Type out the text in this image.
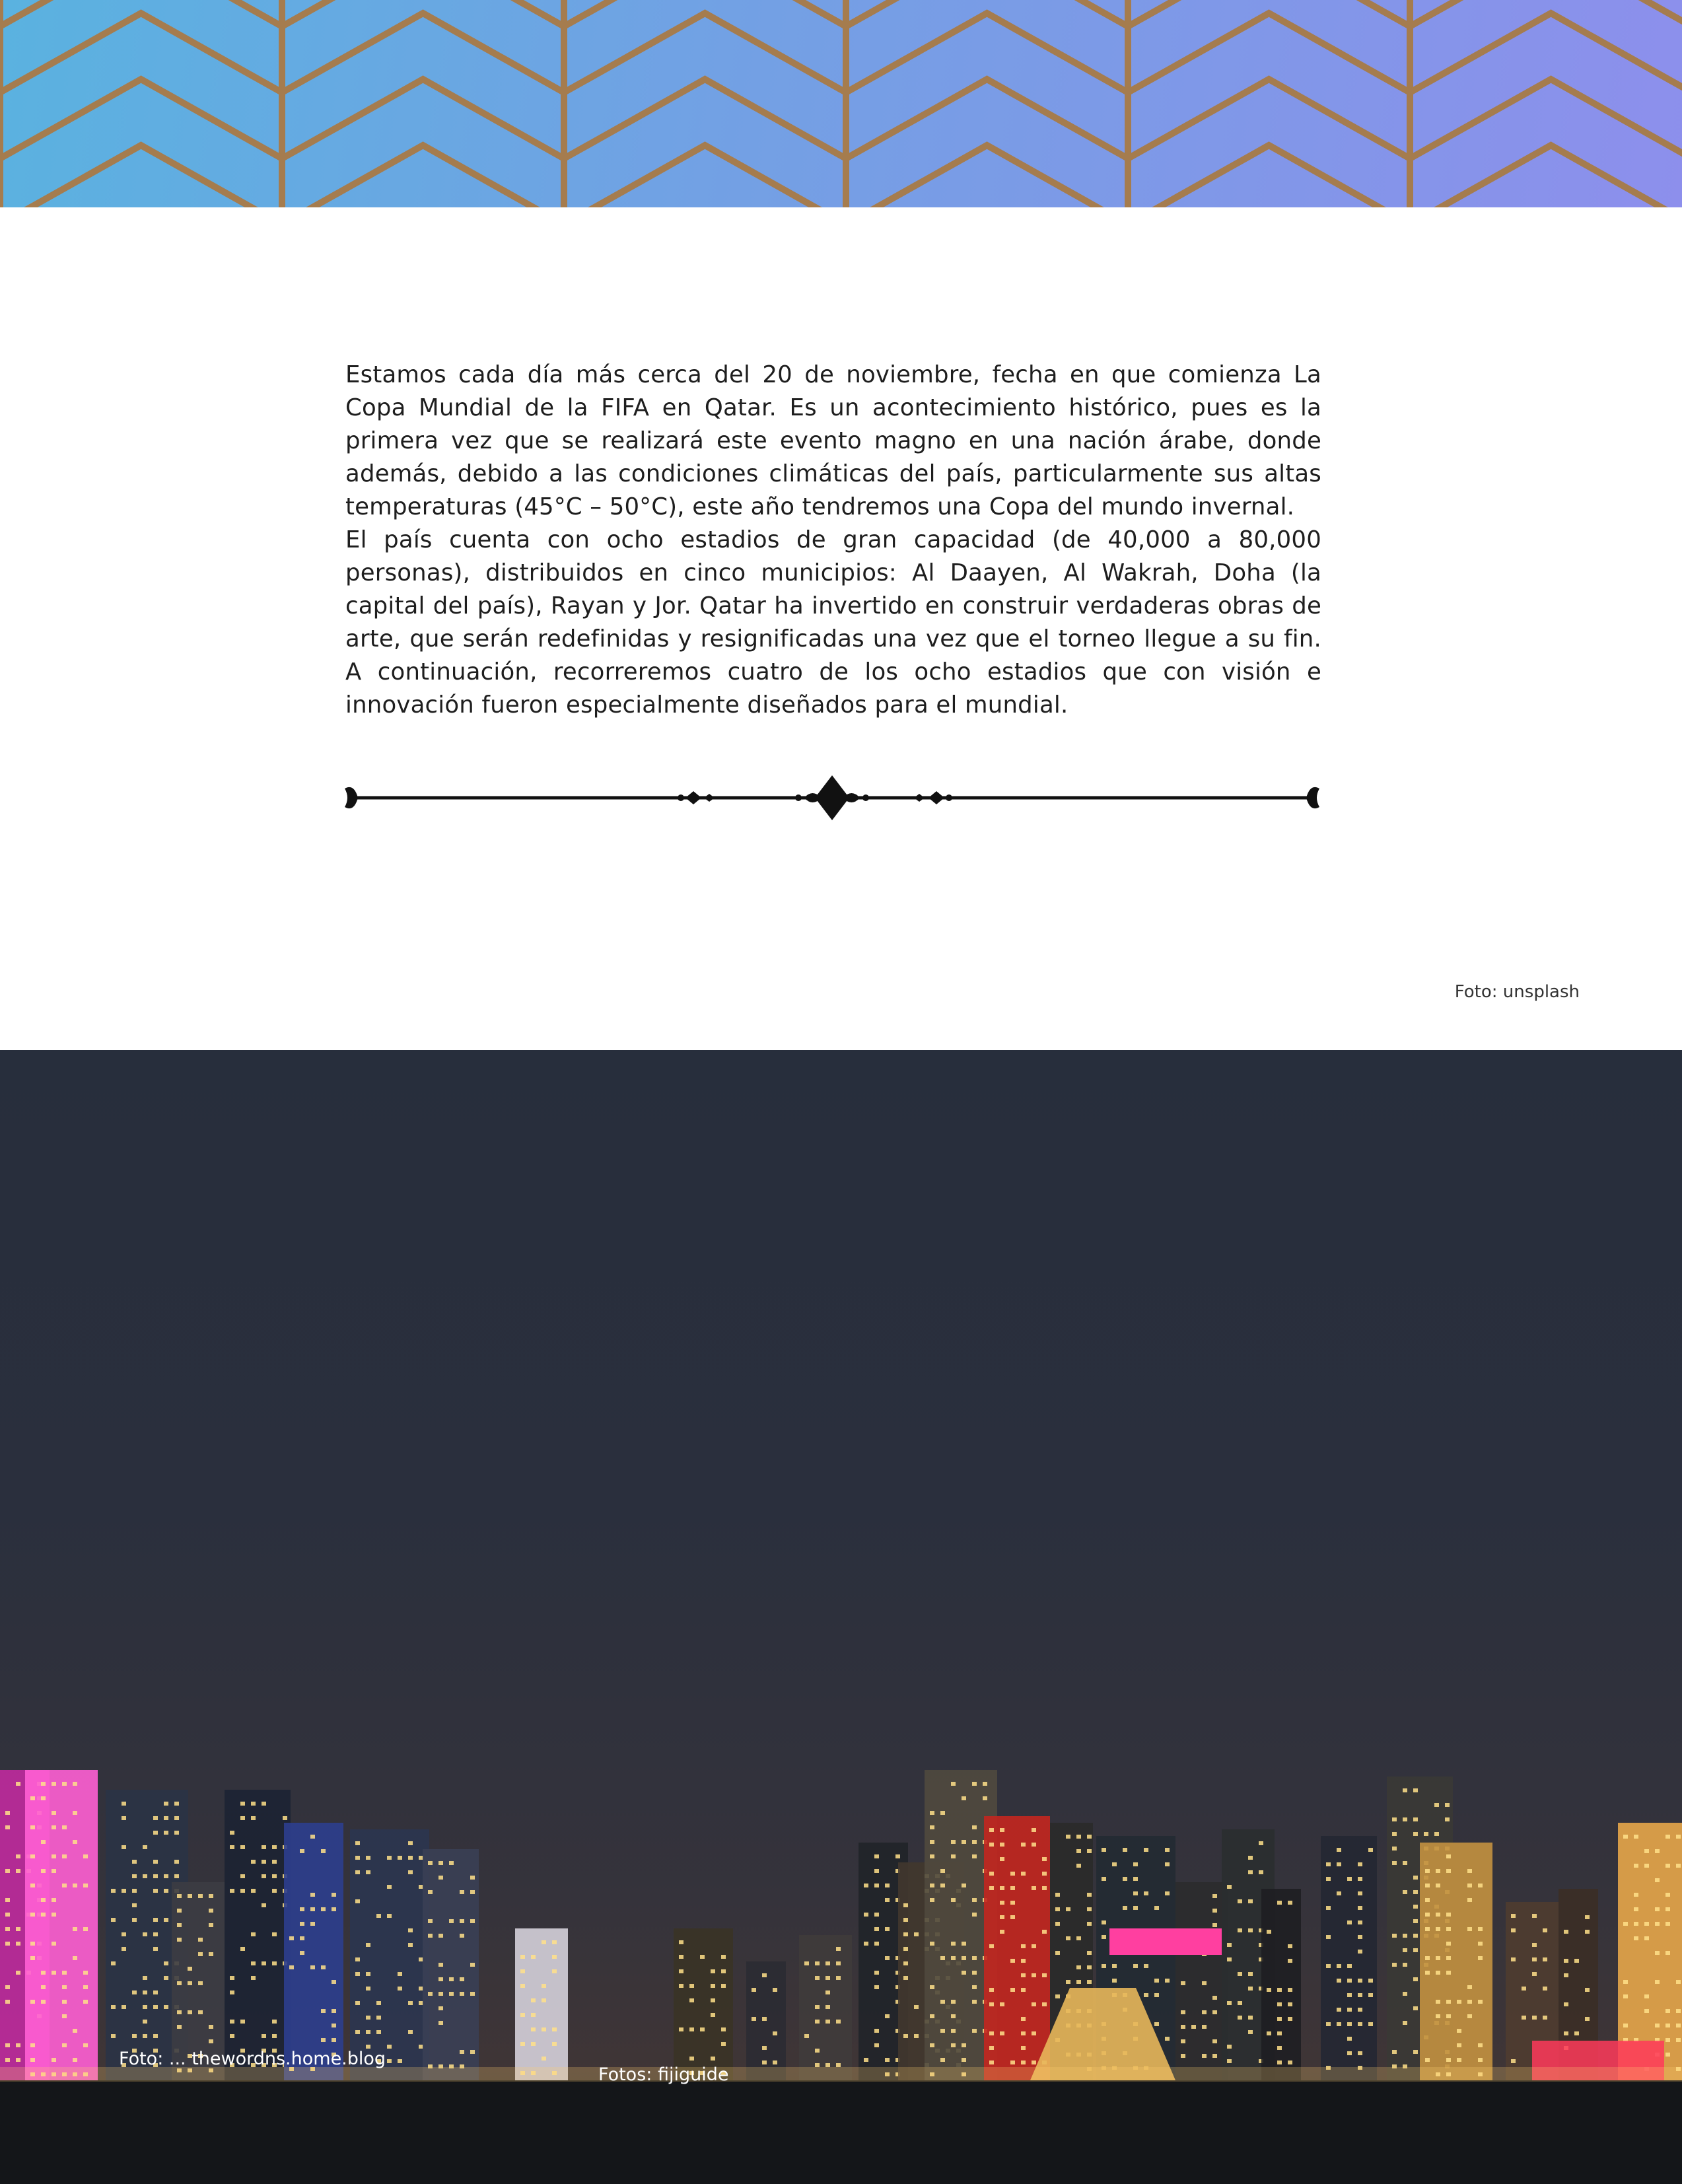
Estamos cada día más cerca del 20 de noviembre, fecha en que comienza La Copa Mundial de la FIFA en Qatar. Es un acontecimiento histórico, pues es la primera vez que se realizará este evento magno en una nación árabe, donde además, debido a las condiciones climáticas del país, particularmente sus altas temperaturas (45°C – 50°C), este año tendremos una Copa del mundo invernal.

El país cuenta con ocho estadios de gran capacidad (de 40,000 a 80,000 personas), distribuidos en cinco municipios: Al Daayen, Al Wakrah, Doha (la capital del país), Rayan y Jor. Qatar ha invertido en construir verdaderas obras de arte, que serán redefinidas y resignificadas una vez que el torneo llegue a su fin. A continuación, recorreremos cuatro de los ocho estadios que con visión e innovación fueron especialmente diseñados para el mundial.

Foto: unsplash
Foto: ... thewordns.home.blog
Fotos: fijiguide
